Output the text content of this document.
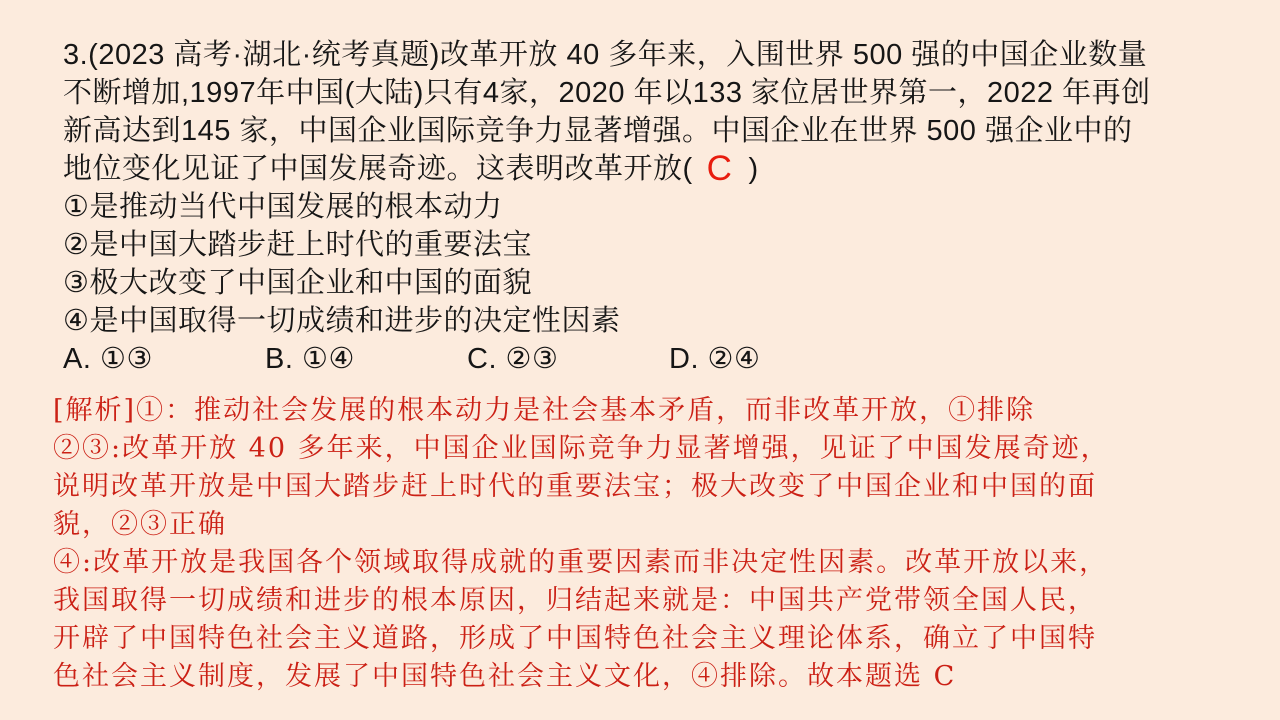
3.(2023 高考·湖北·统考真题)改革开放 40 多年来，入围世界 500 强的中国企业数量
不断增加,1997年中国(大陆)只有4家，2020 年以133 家位居世界第一，2022 年再创
新高达到145 家，中国企业国际竞争力显著增强。中国企业在世界 500 强企业中的
地位变化见证了中国发展奇迹。这表明改革开放( C )
①是推动当代中国发展的根本动力
②是中国大踏步赶上时代的重要法宝
③极大改变了中国企业和中国的面貌
④是中国取得一切成绩和进步的决定性因素
A. ①③	B. ①④	C. ②③	D. ②④
[解析]①：推动社会发展的根本动力是社会基本矛盾，而非改革开放，①排除
②③:改革开放 40 多年来，中国企业国际竞争力显著增强，见证了中国发展奇迹，
说明改革开放是中国大踏步赶上时代的重要法宝；极大改变了中国企业和中国的面
貌，②③正确
④:改革开放是我国各个领域取得成就的重要因素而非决定性因素。改革开放以来，
我国取得一切成绩和进步的根本原因，归结起来就是：中国共产党带领全国人民，
开辟了中国特色社会主义道路，形成了中国特色社会主义理论体系，确立了中国特
色社会主义制度，发展了中国特色社会主义文化，④排除。故本题选 C
